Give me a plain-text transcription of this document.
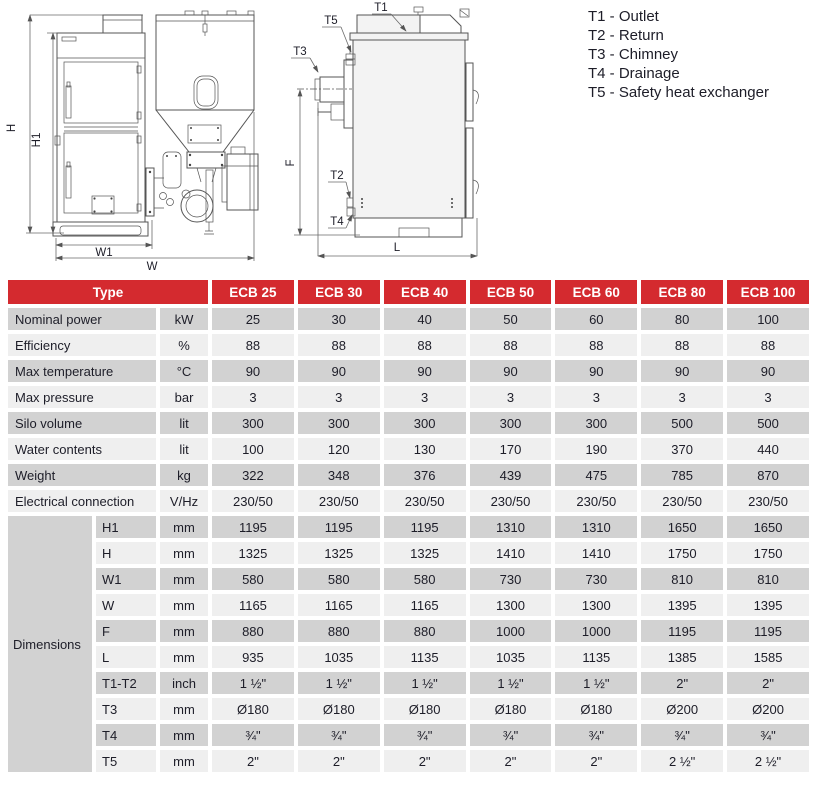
H
H1
W1
W
T1
T5
T3
T2
T4
F
L
T1 - Outlet
T2 - Return
T3 - Chimney
T4 - Drainage
T5 - Safety heat exchanger
Type			ECB 25	ECB 30	ECB 40	ECB 50	ECB 60	ECB 80	ECB 100
Nominal power		kW	25	30	40	50	60	80	100
Efficiency		%	88	88	88	88	88	88	88
Max temperature		°C	90	90	90	90	90	90	90
Max pressure		bar	3	3	3	3	3	3	3
Silo volume		lit	300	300	300	300	300	500	500
Water contents		lit	100	120	130	170	190	370	440
Weight		kg	322	348	376	439	475	785	870
Electrical connection		V/Hz	230/50	230/50	230/50	230/50	230/50	230/50	230/50
Dimensions	H1	mm	1195	1195	1195	1310	1310	1650	1650
	H	mm	1325	1325	1325	1410	1410	1750	1750
	W1	mm	580	580	580	730	730	810	810
	W	mm	1165	1165	1165	1300	1300	1395	1395
	F	mm	880	880	880	1000	1000	1195	1195
	L	mm	935	1035	1135	1035	1135	1385	1585
	T1-T2	inch	1 ½"	1 ½"	1 ½"	1 ½"	1 ½"	2"	2"
	T3	mm	Ø180	Ø180	Ø180	Ø180	Ø180	Ø200	Ø200
	T4	mm	¾"	¾"	¾"	¾"	¾"	¾"	¾"
	T5	mm	2"	2"	2"	2"	2"	2 ½"	2 ½"
